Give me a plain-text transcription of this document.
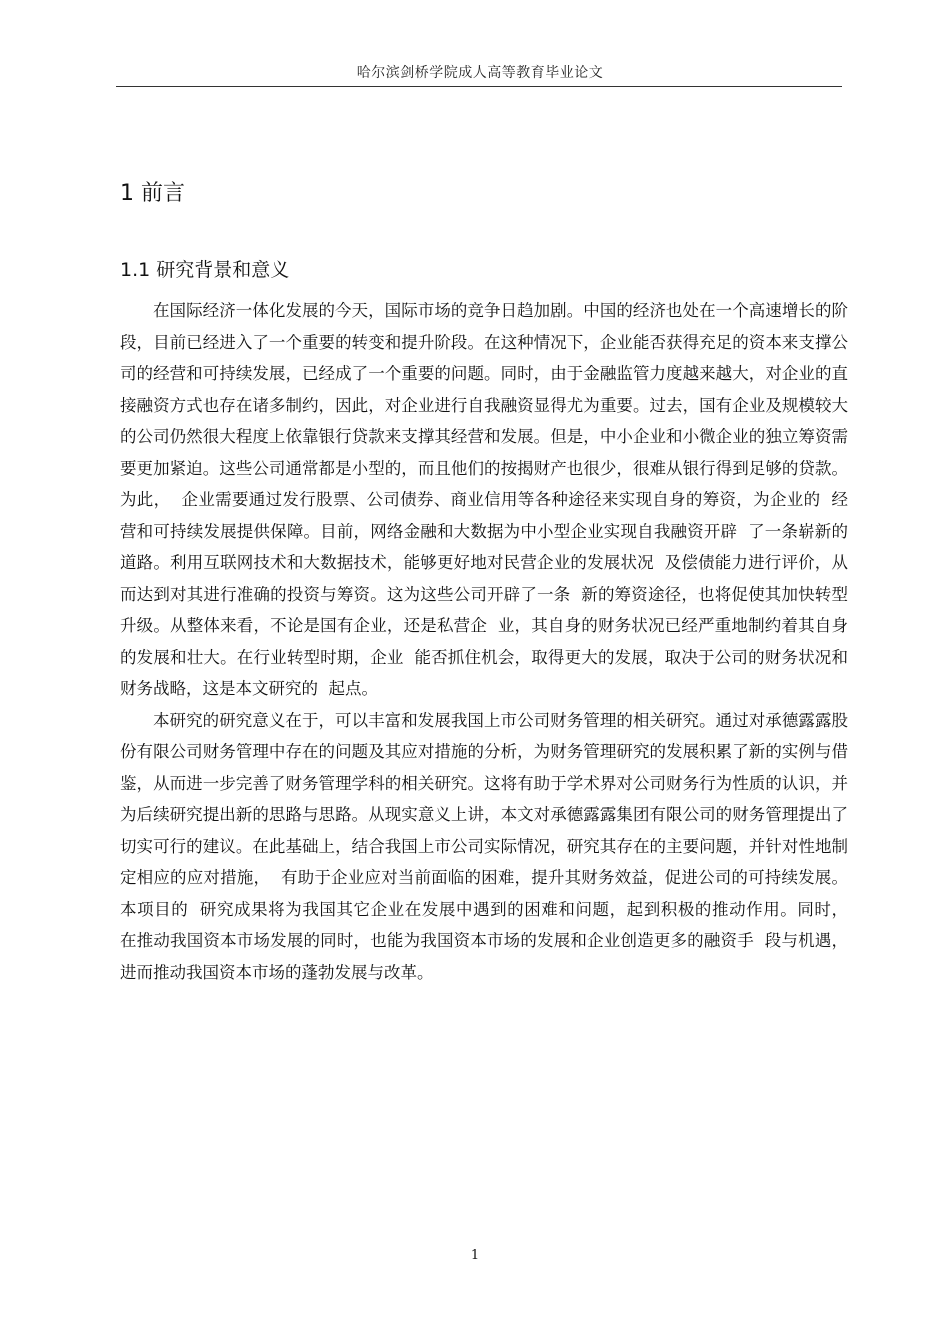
哈尔滨剑桥学院成人高等教育毕业论文
1 前言
1.1 研究背景和意义

在国际经济一体化发展的今天，国际市场的竞争日趋加剧。中国的经济也处在一个高速增长的阶段，目前已经进入了一个重要的转变和提升阶段。在这种情况下，企业能否获得充足的资本来支撑公司的经营和可持续发展，已经成了一个重要的问题。同时，由于金融监管力度越来越大，对企业的直接融资方式也存在诸多制约，因此，对企业进行自我融资显得尤为重要。过去，国有企业及规模较大的公司仍然很大程度上依靠银行贷款来支撑其经营和发展。但是，中小企业和小微企业的独立筹资需要更加紧迫。这些公司通常都是小型的，而且他们的按揭财产也很少，很难从银行得到足够的贷款。为此，  企业需要通过发行股票、公司债券、商业信用等各种途径来实现自身的筹资，为企业的  经营和可持续发展提供保障。目前，网络金融和大数据为中小型企业实现自我融资开辟  了一条崭新的道路。利用互联网技术和大数据技术，能够更好地对民营企业的发展状况  及偿债能力进行评价，从而达到对其进行准确的投资与筹资。这为这些公司开辟了一条  新的筹资途径，也将促使其加快转型升级。从整体来看，不论是国有企业，还是私营企  业，其自身的财务状况已经严重地制约着其自身的发展和壮大。在行业转型时期，企业  能否抓住机会，取得更大的发展，取决于公司的财务状况和财务战略，这是本文研究的  起点。

本研究的研究意义在于，可以丰富和发展我国上市公司财务管理的相关研究。通过对承德露露股份有限公司财务管理中存在的问题及其应对措施的分析，为财务管理研究的发展积累了新的实例与借鉴，从而进一步完善了财务管理学科的相关研究。这将有助于学术界对公司财务行为性质的认识，并为后续研究提出新的思路与思路。从现实意义上讲，本文对承德露露集团有限公司的财务管理提出了切实可行的建议。在此基础上，结合我国上市公司实际情况，研究其存在的主要问题，并针对性地制定相应的应对措施，  有助于企业应对当前面临的困难，提升其财务效益，促进公司的可持续发展。本项目的  研究成果将为我国其它企业在发展中遇到的困难和问题，起到积极的推动作用。同时，  在推动我国资本市场发展的同时，也能为我国资本市场的发展和企业创造更多的融资手  段与机遇，进而推动我国资本市场的蓬勃发展与改革。

1
